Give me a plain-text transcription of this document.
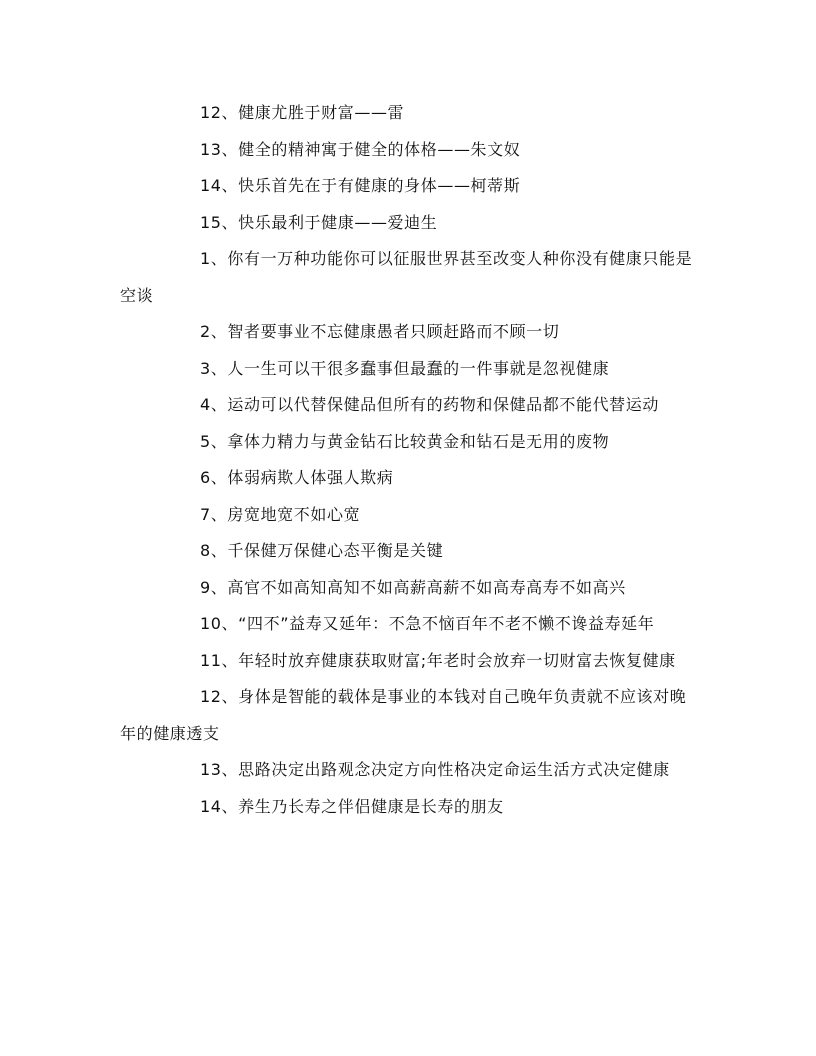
12、健康尤胜于财富——雷

13、健全的精神寓于健全的体格——朱文奴

14、快乐首先在于有健康的身体——柯蒂斯

15、快乐最利于健康——爱迪生

1、你有一万种功能你可以征服世界甚至改变人种你没有健康只能是空谈

2、智者要事业不忘健康愚者只顾赶路而不顾一切

3、人一生可以干很多蠢事但最蠢的一件事就是忽视健康

4、运动可以代替保健品但所有的药物和保健品都不能代替运动

5、拿体力精力与黄金钻石比较黄金和钻石是无用的废物

6、体弱病欺人体强人欺病

7、房宽地宽不如心宽

8、千保健万保健心态平衡是关键

9、高官不如高知高知不如高薪高薪不如高寿高寿不如高兴

10、“四不”益寿又延年：不急不恼百年不老不懒不谗益寿延年

11、年轻时放弃健康获取财富;年老时会放弃一切财富去恢复健康

12、身体是智能的载体是事业的本钱对自己晚年负责就不应该对晚年的健康透支

13、思路决定出路观念决定方向性格决定命运生活方式决定健康

14、养生乃长寿之伴侣健康是长寿的朋友
